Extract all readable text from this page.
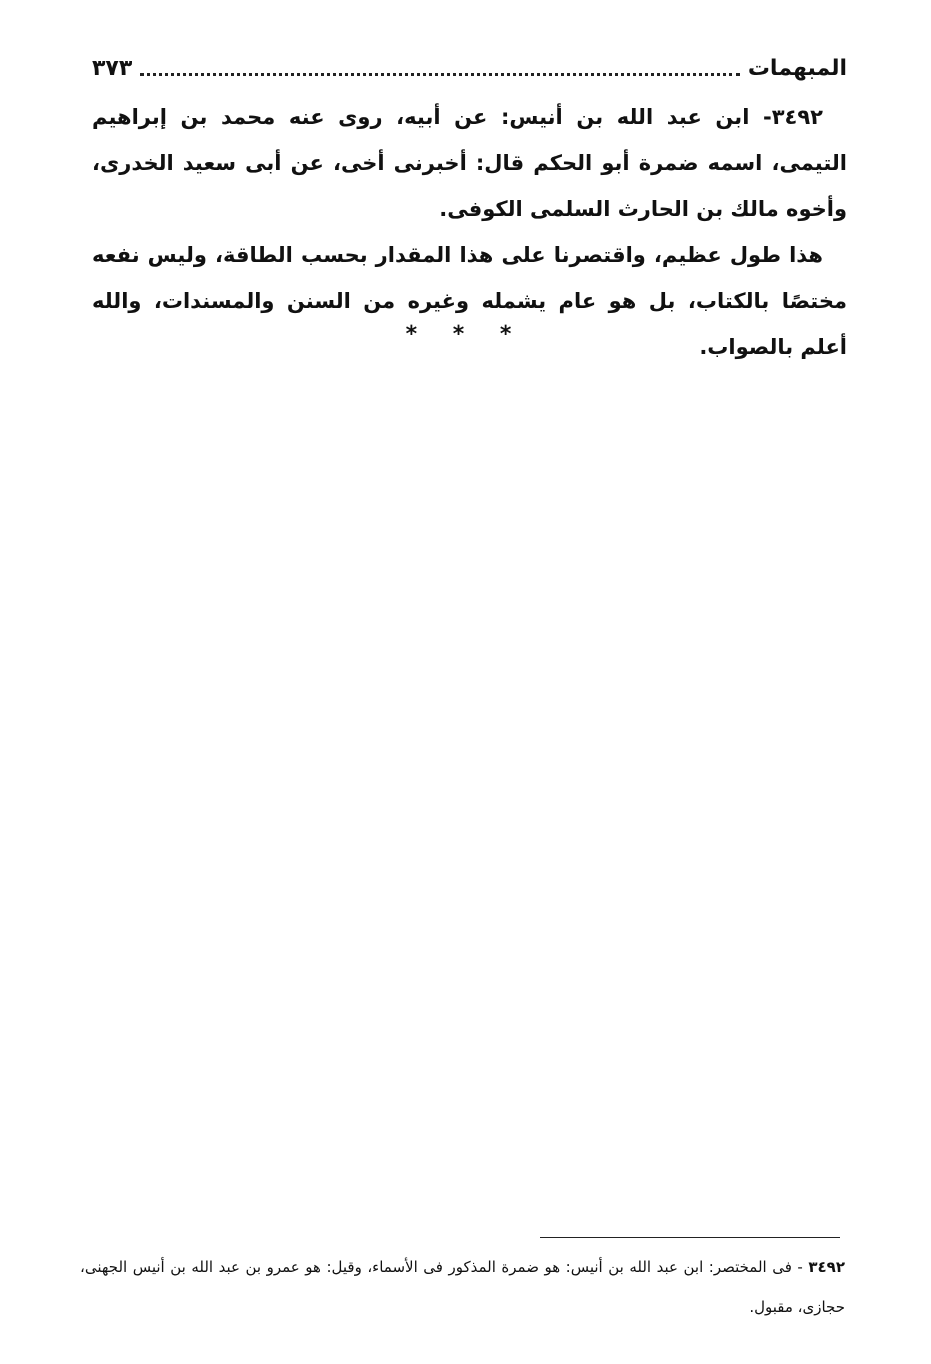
المبهمات
٣٧٣

٣٤٩٢- ابن عبد الله بن أنيس: عن أبيه، روى عنه محمد بن إبراهيم التيمى، اسمه ضمرة أبو الحكم قال: أخبرنى أخى، عن أبى سعيد الخدرى، وأخوه مالك بن الحارث السلمى الكوفى.

هذا طول عظيم، واقتصرنا على هذا المقدار بحسب الطاقة، وليس نفعه مختصًا بالكتاب، بل هو عام يشمله وغيره من السنن والمسندات، والله أعلم بالصواب.

* * *

٣٤٩٢ - فى المختصر: ابن عبد الله بن أنيس: هو ضمرة المذكور فى الأسماء، وقيل: هو عمرو بن عبد الله بن أنيس الجهنى، حجازى، مقبول.
